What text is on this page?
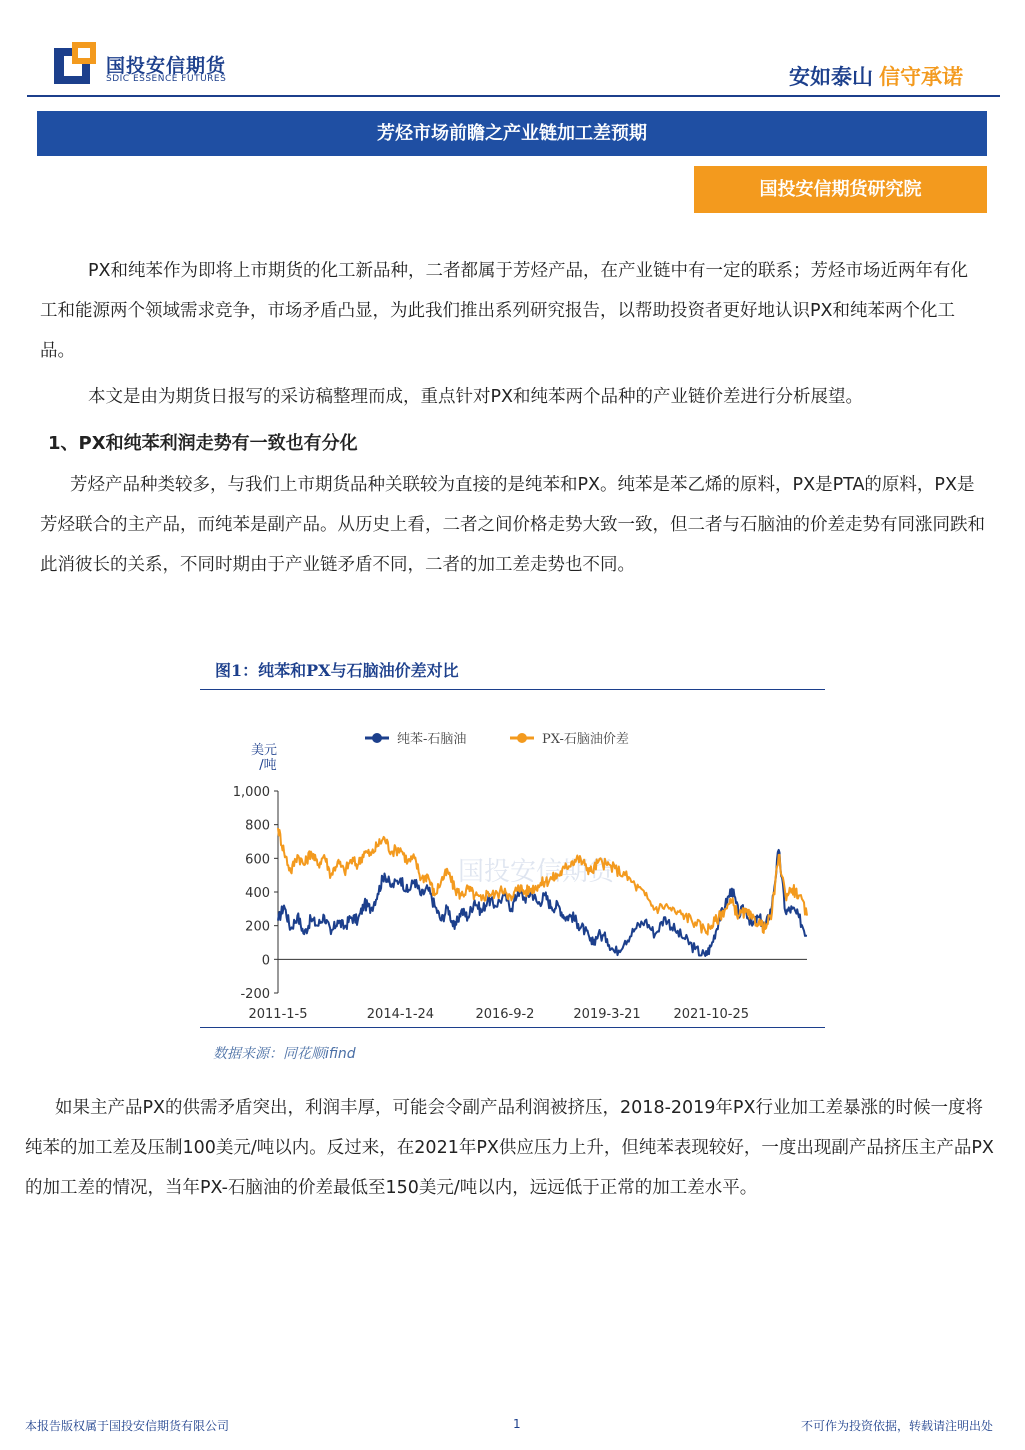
国投安信期货
SDIC ESSENCE FUTURES	安如泰山 信守承诺
芳烃市场前瞻之产业链加工差预期
国投安信期货研究院
PX和纯苯作为即将上市期货的化工新品种，二者都属于芳烃产品，在产业链中有一定的联系；芳烃市场近两年有化工和能源两个领域需求竞争，市场矛盾凸显，为此我们推出系列研究报告，以帮助投资者更好地认识PX和纯苯两个化工品。
本文是由为期货日报写的采访稿整理而成，重点针对PX和纯苯两个品种的产业链价差进行分析展望。
1、PX和纯苯利润走势有一致也有分化
芳烃产品种类较多，与我们上市期货品种关联较为直接的是纯苯和PX。纯苯是苯乙烯的原料，PX是PTA的原料，PX是芳烃联合的主产品，而纯苯是副产品。从历史上看，二者之间价格走势大致一致，但二者与石脑油的价差走势有同涨同跌和此消彼长的关系，不同时期由于产业链矛盾不同，二者的加工差走势也不同。
图1：纯苯和PX与石脑油价差对比
国投安信期货
1,000
800
600
400
200
0
-200
美元
/吨
2011-1-5	2014-1-24	2016-9-2	2019-3-21	2021-10-25
纯苯-石脑油	PX-石脑油价差
数据来源：同花顺ifind
如果主产品PX的供需矛盾突出，利润丰厚，可能会令副产品利润被挤压，2018-2019年PX行业加工差暴涨的时候一度将纯苯的加工差及压制100美元/吨以内。反过来，在2021年PX供应压力上升，但纯苯表现较好，一度出现副产品挤压主产品PX的加工差的情况，当年PX-石脑油的价差最低至150美元/吨以内，远远低于正常的加工差水平。
本报告版权属于国投安信期货有限公司	1	不可作为投资依据，转载请注明出处
